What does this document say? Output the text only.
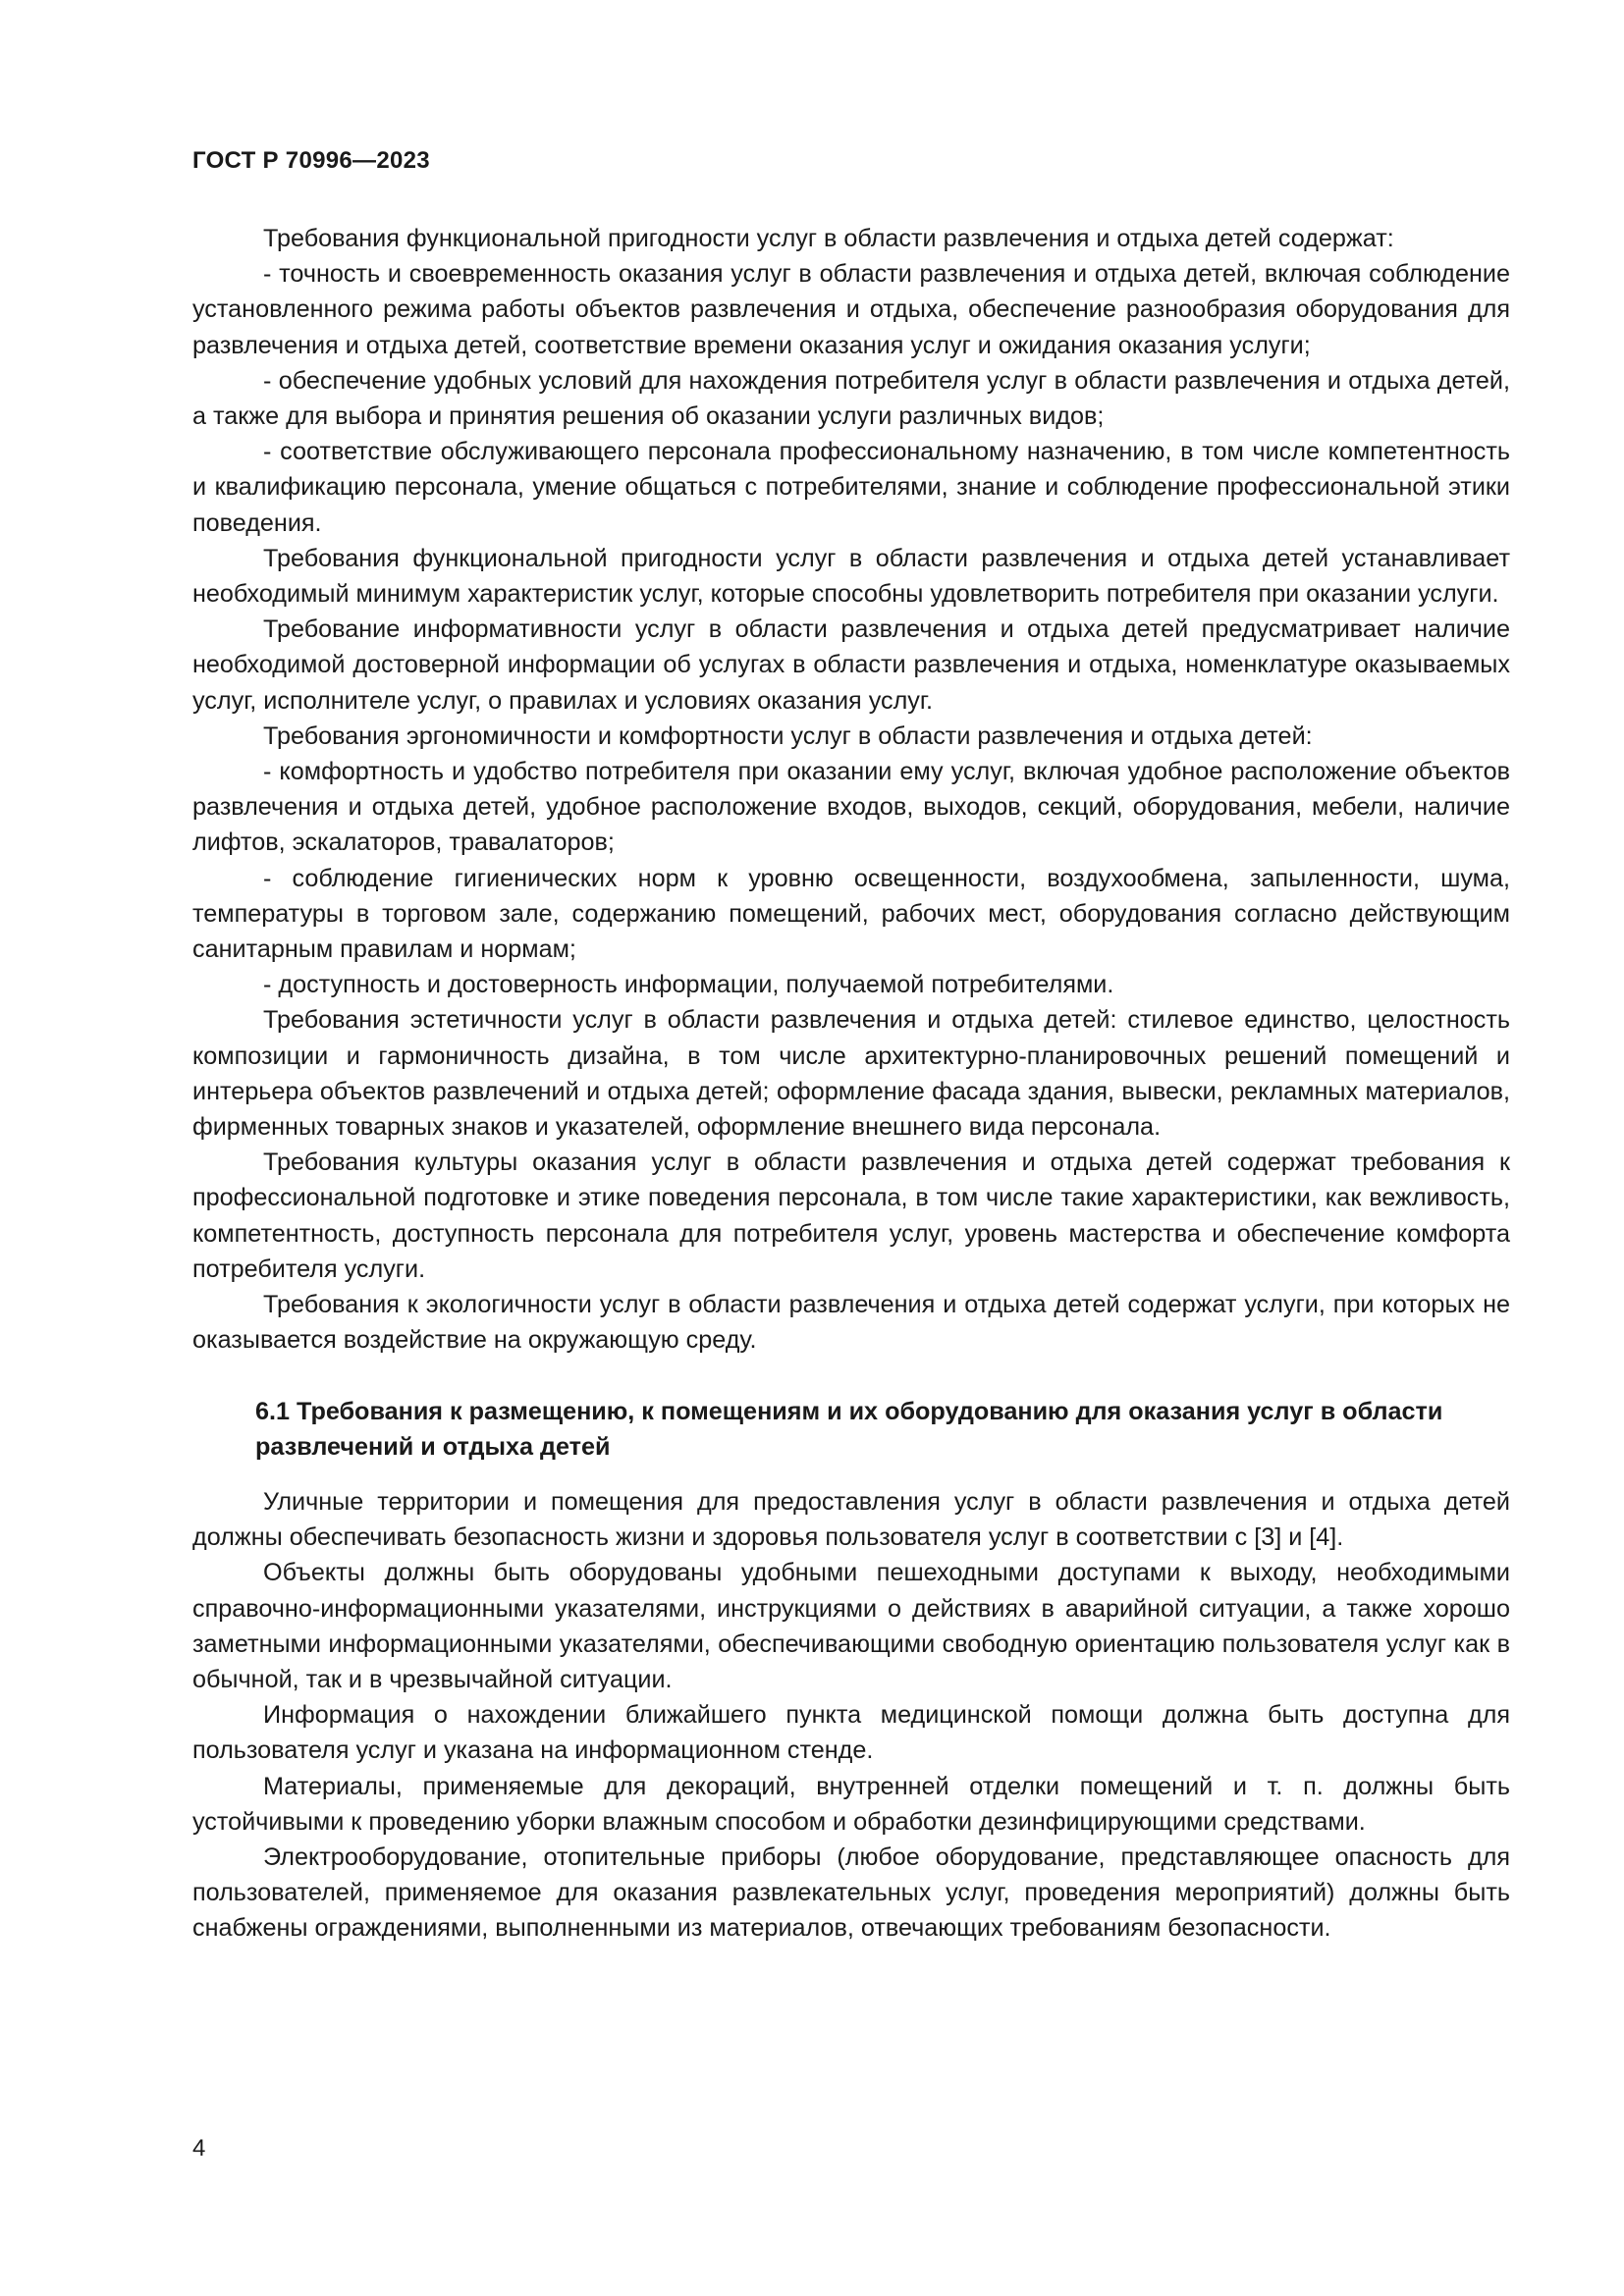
ГОСТ Р 70996—2023

Требования функциональной пригодности услуг в области развлечения и отдыха детей содержат:

- точность и своевременность оказания услуг в области развлечения и отдыха детей, включая соблюдение установленного режима работы объектов развлечения и отдыха, обеспечение разнообразия оборудования для развлечения и отдыха детей, соответствие времени оказания услуг и ожидания оказания услуги;

- обеспечение удобных условий для нахождения потребителя услуг в области развлечения и отдыха детей, а также для выбора и принятия решения об оказании услуги различных видов;

- соответствие обслуживающего персонала профессиональному назначению, в том числе компетентность и квалификацию персонала, умение общаться с потребителями, знание и соблюдение профессиональной этики поведения.

Требования функциональной пригодности услуг в области развлечения и отдыха детей устанавливает необходимый минимум характеристик услуг, которые способны удовлетворить потребителя при оказании услуги.

Требование информативности услуг в области развлечения и отдыха детей предусматривает наличие необходимой достоверной информации об услугах в области развлечения и отдыха, номенклатуре оказываемых услуг, исполнителе услуг, о правилах и условиях оказания услуг.

Требования эргономичности и комфортности услуг в области развлечения и отдыха детей:

- комфортность и удобство потребителя при оказании ему услуг, включая удобное расположение объектов развлечения и отдыха детей, удобное расположение входов, выходов, секций, оборудования, мебели, наличие лифтов, эскалаторов, травалаторов;

- соблюдение гигиенических норм к уровню освещенности, воздухообмена, запыленности, шума, температуры в торговом зале, содержанию помещений, рабочих мест, оборудования согласно действующим санитарным правилам и нормам;

- доступность и достоверность информации, получаемой потребителями.

Требования эстетичности услуг в области развлечения и отдыха детей: стилевое единство, целостность композиции и гармоничность дизайна, в том числе архитектурно-планировочных решений помещений и интерьера объектов развлечений и отдыха детей; оформление фасада здания, вывески, рекламных материалов, фирменных товарных знаков и указателей, оформление внешнего вида персонала.

Требования культуры оказания услуг в области развлечения и отдыха детей содержат требования к профессиональной подготовке и этике поведения персонала, в том числе такие характеристики, как вежливость, компетентность, доступность персонала для потребителя услуг, уровень мастерства и обеспечение комфорта потребителя услуги.

Требования к экологичности услуг в области развлечения и отдыха детей содержат услуги, при которых не оказывается воздействие на окружающую среду.

6.1 Требования к размещению, к помещениям и их оборудованию для оказания услуг в области развлечений и отдыха детей

Уличные территории и помещения для предоставления услуг в области развлечения и отдыха детей должны обеспечивать безопасность жизни и здоровья пользователя услуг в соответствии с [3] и [4].

Объекты должны быть оборудованы удобными пешеходными доступами к выходу, необходимыми справочно-информационными указателями, инструкциями о действиях в аварийной ситуации, а также хорошо заметными информационными указателями, обеспечивающими свободную ориентацию пользователя услуг как в обычной, так и в чрезвычайной ситуации.

Информация о нахождении ближайшего пункта медицинской помощи должна быть доступна для пользователя услуг и указана на информационном стенде.

Материалы, применяемые для декораций, внутренней отделки помещений и т. п. должны быть устойчивыми к проведению уборки влажным способом и обработки дезинфицирующими средствами.

Электрооборудование, отопительные приборы (любое оборудование, представляющее опасность для пользователей, применяемое для оказания развлекательных услуг, проведения мероприятий) должны быть снабжены ограждениями, выполненными из материалов, отвечающих требованиям безопасности.

4
